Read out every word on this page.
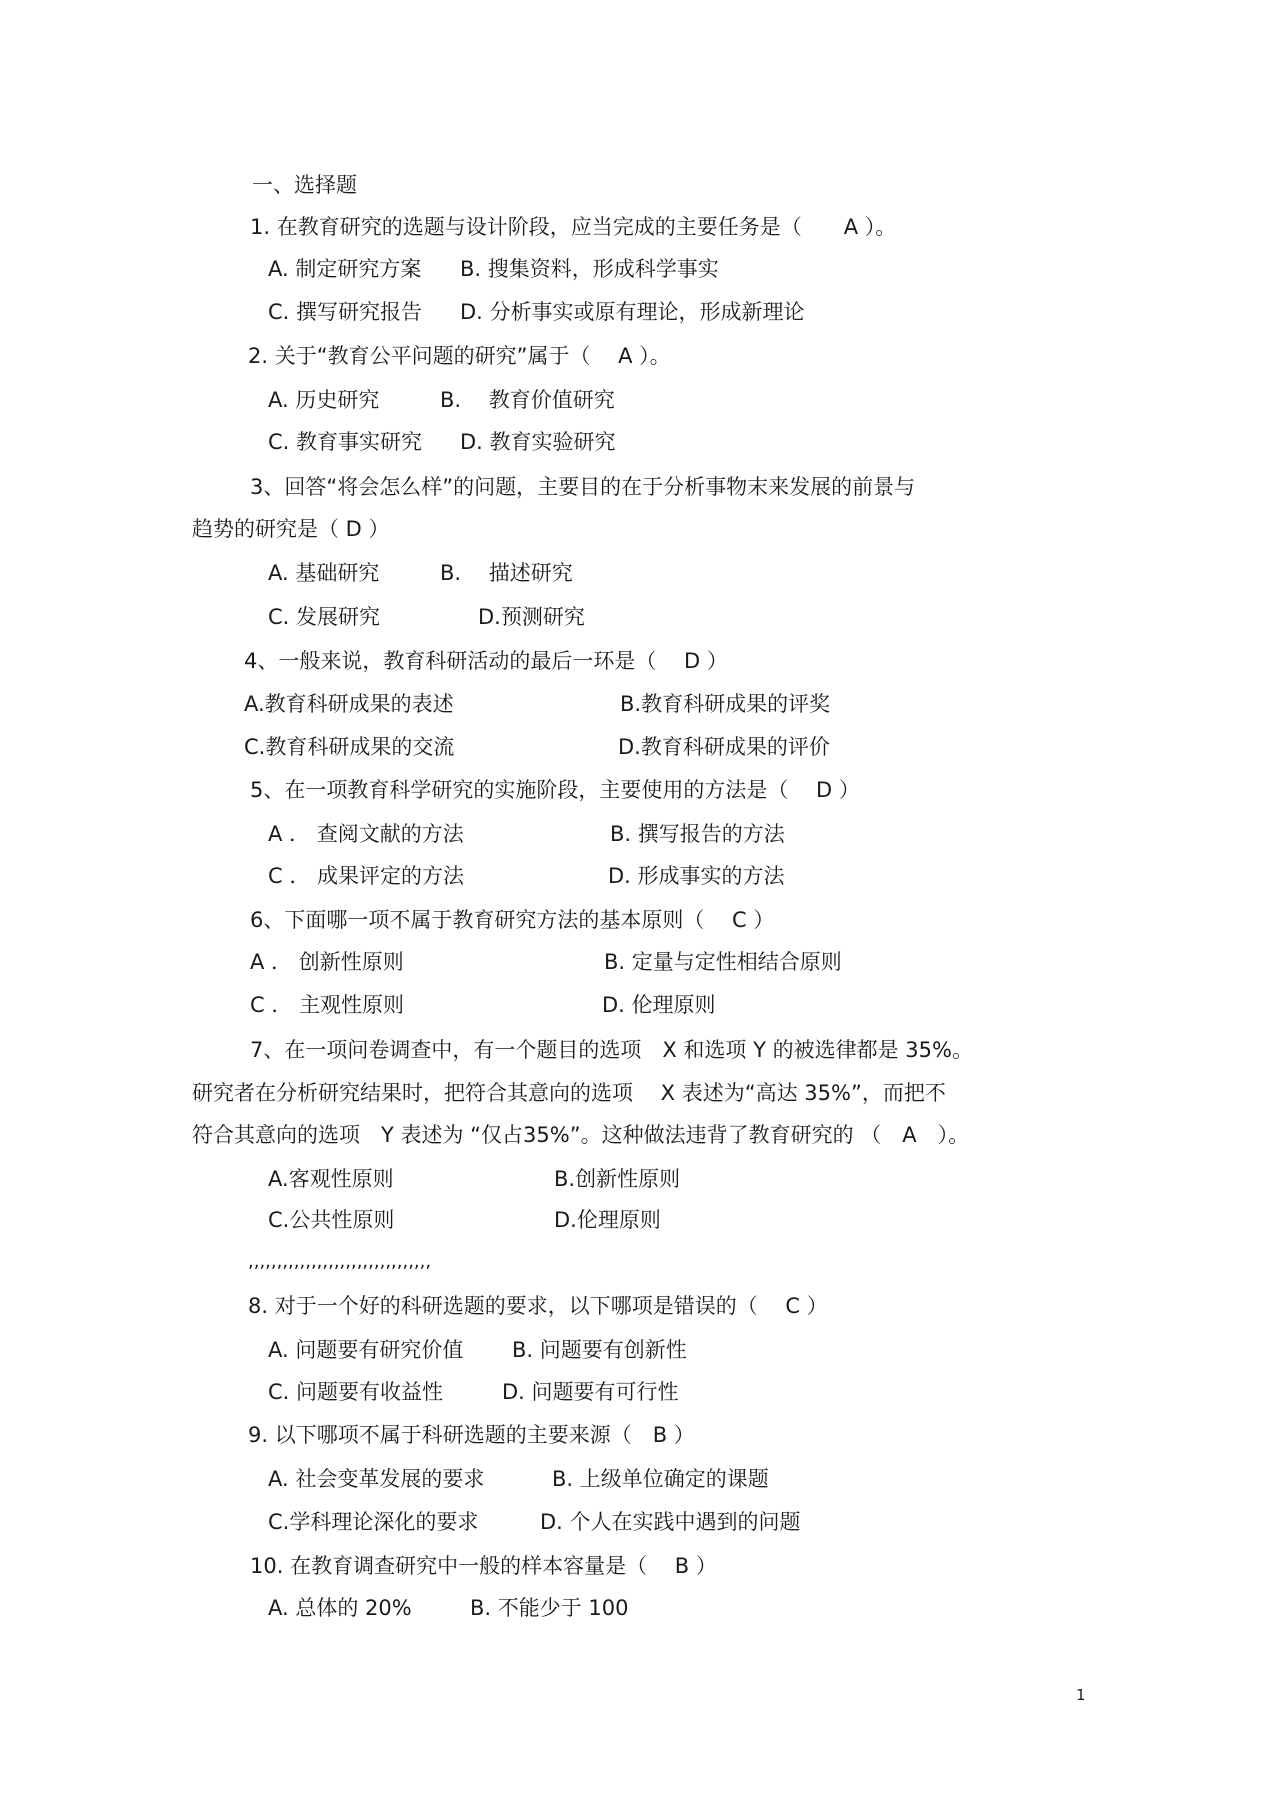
一、选择题
1. 在教育研究的选题与设计阶段，应当完成的主要任务是（　　A ）。
A. 制定研究方案 B. 搜集资料，形成科学事实
C. 撰写研究报告 D. 分析事实或原有理论，形成新理论
2. 关于“教育公平问题的研究”属于（　 A ）。
A. 历史研究	B.　 教育价值研究
C. 教育事实研究 D. 教育实验研究
3、回答“将会怎么样”的问题，主要目的在于分析事物末来发展的前景与
趋势的研究是（ D ）
A. 基础研究	B.　 描述研究
C. 发展研究	D.预测研究
4、一般来说，教育科研活动的最后一环是（　 D ）
A.教育科研成果的表述	B.教育科研成果的评奖
C.教育科研成果的交流	D.教育科研成果的评价
5、在一项教育科学研究的实施阶段，主要使用的方法是（　 D ）
A ． 查阅文献的方法	B. 撰写报告的方法
C ． 成果评定的方法	D. 形成事实的方法
6、下面哪一项不属于教育研究方法的基本原则（　 C ）
A ． 创新性原则	B. 定量与定性相结合原则
C ． 主观性原则	D. 伦理原则
7、在一项问卷调查中，有一个题目的选项　X 和选项 Y 的被选律都是 35%。
研究者在分析研究结果时，把符合其意向的选项　 X 表述为“高达 35%”，而把不
符合其意向的选项　Y 表述为 “仅占35%”。这种做法违背了教育研究的 （　A　）。
A.客观性原则	B.创新性原则
C.公共性原则	D.伦理原则
,,,,,,,,,,,,,,,,,,,,,,,,,,,,,,,,
8. 对于一个好的科研选题的要求，以下哪项是错误的（　 C ）
A. 问题要有研究价值 B. 问题要有创新性
C. 问题要有收益性	D. 问题要有可行性
9. 以下哪项不属于科研选题的主要来源（　B ）
A. 社会变革发展的要求	B. 上级单位确定的课题
C.学科理论深化的要求	D. 个人在实践中遇到的问题
10. 在教育调查研究中一般的样本容量是（　 B ）
A. 总体的 20%	B. 不能少于 100
1
